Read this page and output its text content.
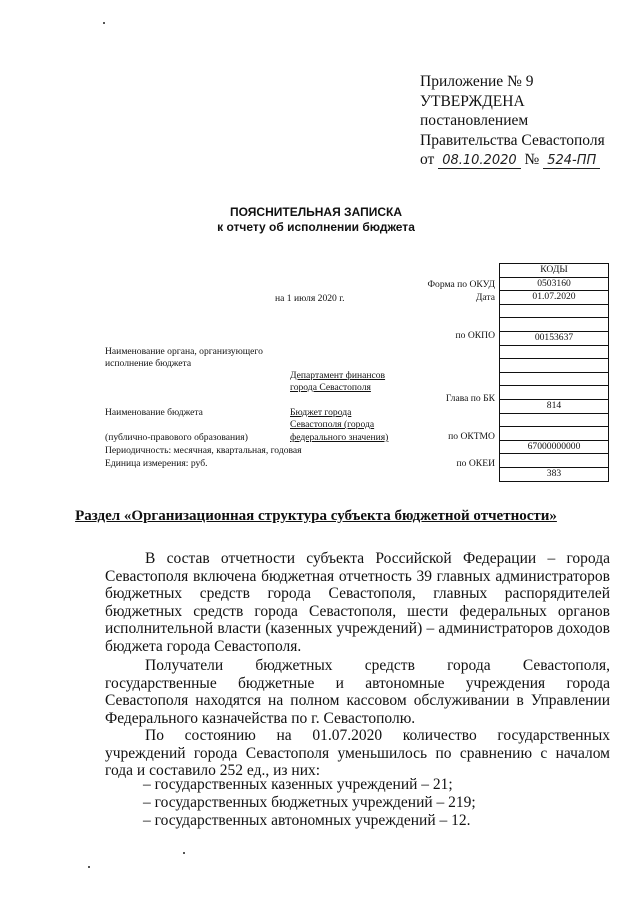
Приложение № 9
УТВЕРЖДЕНА
постановлением
Правительства Севастополя
от 08.10.2020 № 524-ПП
ПОЯСНИТЕЛЬНАЯ ЗАПИСКА
к отчету об исполнении бюджета
на 1 июля 2020 г.
Форма по ОКУД
Дата
по ОКПО
Глава по БК
по ОКТМО
по ОКЕИ
КОДЫ
0503160
01.07.2020
00153637
814
67000000000
383
Наименование органа, организующего
исполнение бюджета
Департамент финансов
города Севастополя
Наименование бюджета	Бюджет города
Севастополя (города
(публично-правового образования)	федерального значения)
Периодичность: месячная, квартальная, годовая
Единица измерения: руб.
Раздел «Организационная структура субъекта бюджетной отчетности»
В состав отчетности субъекта Российской Федерации – города Севастополя включена бюджетная отчетность 39 главных администраторов бюджетных средств города Севастополя, главных распорядителей бюджетных средств города Севастополя, шести федеральных органов исполнительной власти (казенных учреждений) – администраторов доходов бюджета города Севастополя.
Получатели бюджетных средств города Севастополя, государственные бюджетные и автономные учреждения города Севастополя находятся на полном кассовом обслуживании в Управлении Федерального казначейства по г. Севастополю.
По состоянию на 01.07.2020 количество государственных учреждений города Севастополя уменьшилось по сравнению с началом года и составило 252 ед., из них:
– государственных казенных учреждений – 21;
– государственных бюджетных учреждений – 219;
– государственных автономных учреждений – 12.
